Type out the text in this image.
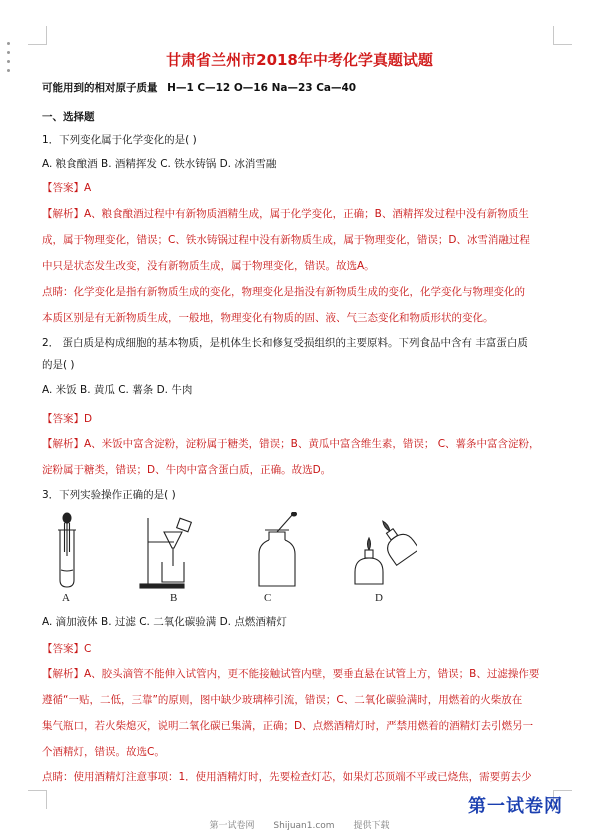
甘肃省兰州市2018年中考化学真题试题
可能用到的相对原子质量 H—1 C—12 O—16 Na—23 Ca—40
一、选择题
1．下列变化属于化学变化的是( )
A. 粮食酿酒 B. 酒精挥发 C. 铁水铸锅 D. 冰消雪融
【答案】A
【解析】A、粮食酿酒过程中有新物质酒精生成，属于化学变化，正确；B、酒精挥发过程中没有新物质生
成，属于物理变化，错误；C、铁水铸锅过程中没有新物质生成，属于物理变化，错误；D、冰雪消融过程
中只是状态发生改变，没有新物质生成，属于物理变化，错误。故选A。
点睛：化学变化是指有新物质生成的变化，物理变化是指没有新物质生成的变化，化学变化与物理变化的
本质区别是有无新物质生成，一般地，物理变化有物质的固、液、气三态变化和物质形状的变化。
2． 蛋白质是构成细胞的基本物质，是机体生长和修复受损组织的主要原料。下列食品中含有 丰富蛋白质
的是( )
A. 米饭 B. 黄瓜 C. 薯条 D. 牛肉
【答案】D
【解析】A、米饭中富含淀粉，淀粉属于糖类，错误；B、黄瓜中富含维生素，错误； C、薯条中富含淀粉，
淀粉属于糖类，错误；D、牛肉中富含蛋白质，正确。故选D。
3．下列实验操作正确的是( )
A	B	C	D
A. 滴加液体 B. 过滤 C. 二氧化碳验满 D. 点燃酒精灯
【答案】C
【解析】A、胶头滴管不能伸入试管内，更不能接触试管内壁，要垂直悬在试管上方，错误；B、过滤操作要
遵循“一贴，二低，三靠”的原则，图中缺少玻璃棒引流，错误；C、二氧化碳验满时，用燃着的火柴放在
集气瓶口，若火柴熄灭，说明二氧化碳已集满，正确；D、点燃酒精灯时，严禁用燃着的酒精灯去引燃另一
个酒精灯，错误。故选C。
点睛：使用酒精灯注意事项：1．使用酒精灯时，先要检查灯芯，如果灯芯顶端不平或已烧焦，需要剪去少
第一试卷网
第一试卷网 Shijuan1.com 提供下载
